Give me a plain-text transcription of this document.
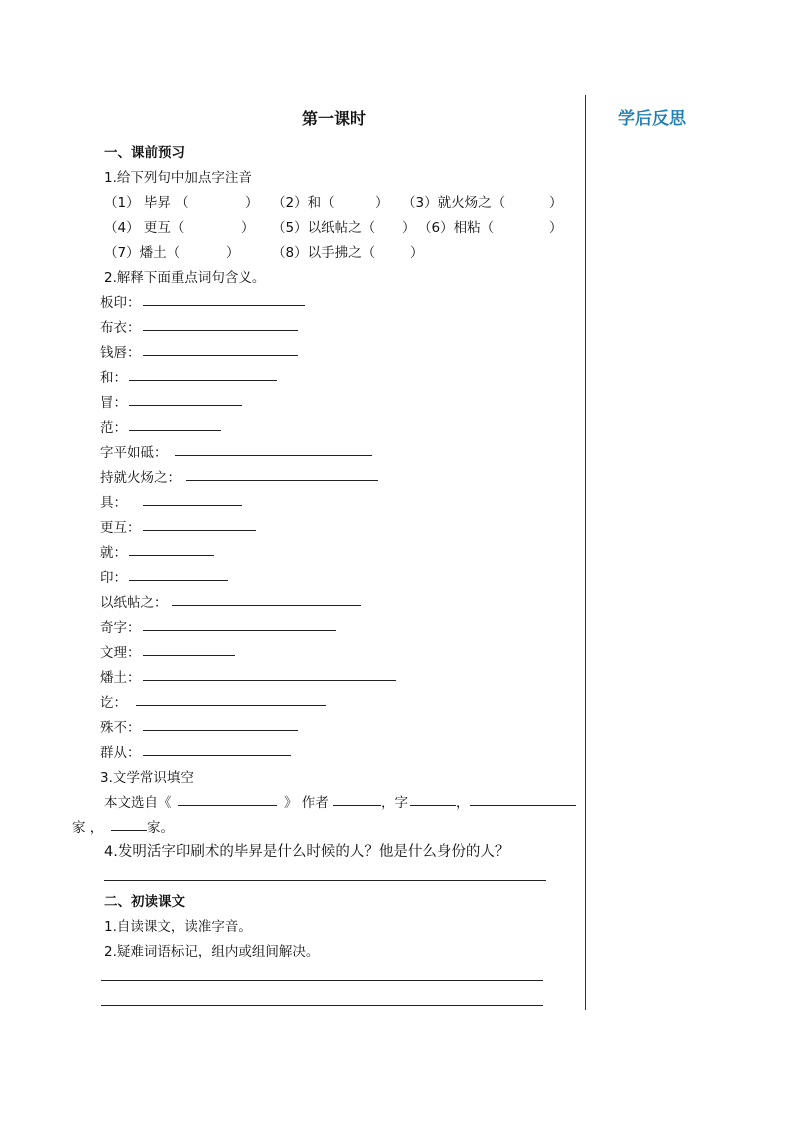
第一课时	学后反思
一、课前预习
1.给下列句中加点字注音
（1） 毕昇 （	） （2）和（	） （3）就火炀之（	）
（4） 更互（	） （5）以纸帖之（ ） （6）相粘（	）
（7）燔土（	） （8）以手拂之（	）
2.解释下面重点词句含义。
板印：
布衣：
钱唇：
和：
冒：
范：
字平如砥：
持就火炀之：
具：
更互：
就：
印：
以纸帖之：
奇字：
文理：
燔土：
讫：
殊不：
群从：
3.文学常识填空
本文选自《	》 作者	，字	，
家 ，	家。
4.发明活字印刷术的毕昇是什么时候的人？他是什么身份的人？
二、初读课文
1.自读课文，读准字音。
2.疑难词语标记，组内或组间解决。
